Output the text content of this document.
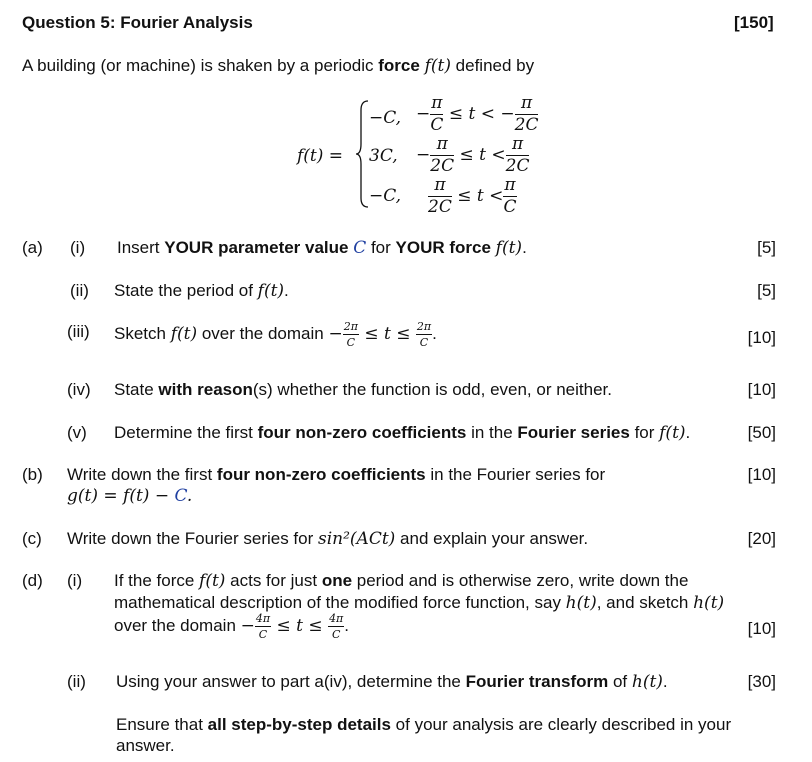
Question 5: Fourier Analysis	[150]
A building (or machine) is shaken by a periodic force f(t) defined by
f(t) =
−C, − $\frac{\pi}{C} \le t$ < − $\frac{\pi}{2C}$
3C, − $\frac{\pi}{2C} \le t < \frac{\pi}{2C}$
−C, $\frac{\pi}{2C} \le t < \frac{\pi}{C}$
(a) (i) Insert YOUR parameter value C for YOUR force f(t).	[5]
(ii) State the period of f(t).	[5]
(iii) Sketch f(t) over the domain − $\frac{2\pi}{C} \le t \le \frac{2\pi}{C}$ .	[10]
(iv) State with reason(s) whether the function is odd, even, or neither.	[10]
(v) Determine the first four non-zero coefficients in the Fourier series for f(t).	[50]
(b) Write down the first four non-zero coefficients in the Fourier series for
g(t) = f(t) − C.
[10]
(c) Write down the Fourier series for sin²(ACt) and explain your answer.	[20]
(d) (i) If the force f(t) acts for just one period and is otherwise zero, write down the
mathematical description of the modified force function, say h(t), and sketch h(t)
over the domain − $\frac{4\pi}{C} \le t \le \frac{4\pi}{C}$ .	[10]
(ii) Using your answer to part a(iv), determine the Fourier transform of h(t).	[30]
Ensure that all step-by-step details of your analysis are clearly described in your
answer.
